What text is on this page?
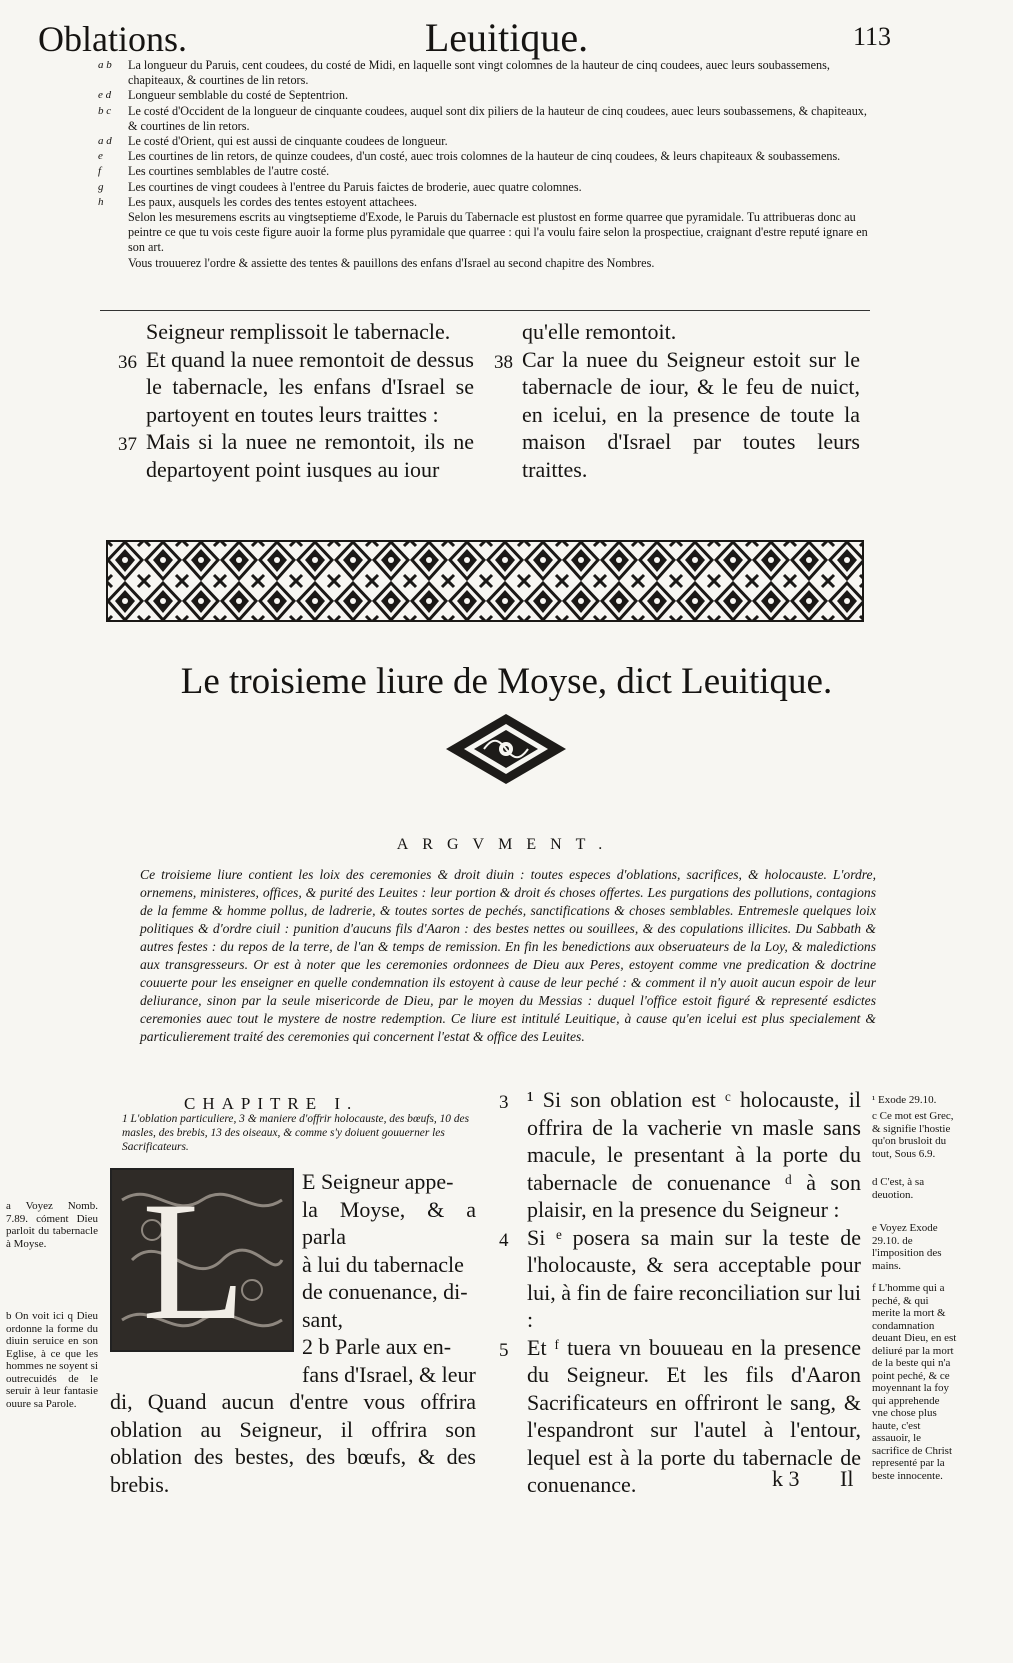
Oblations.	Leuitique.	113
a b	La longueur du Paruis, cent coudees, du costé de Midi, en laquelle sont vingt colomnes de la hauteur de cinq coudees, auec leurs soubassemens, chapiteaux, & courtines de lin retors.
e d	Longueur semblable du costé de Septentrion.
b c	Le costé d'Occident de la longueur de cinquante coudees, auquel sont dix piliers de la hauteur de cinq coudees, auec leurs soubassemens, & chapiteaux, & courtines de lin retors.
a d	Le costé d'Orient, qui est aussi de cinquante coudees de longueur.
e	Les courtines de lin retors, de quinze coudees, d'un costé, auec trois colomnes de la hauteur de cinq coudees, & leurs chapiteaux & soubassemens.
f	Les courtines semblables de l'autre costé.
g	Les courtines de vingt coudees à l'entree du Paruis faictes de broderie, auec quatre colomnes.
h	Les paux, ausquels les cordes des tentes estoyent attachees.
Selon les mesuremens escrits au vingtseptieme d'Exode, le Paruis du Tabernacle est plustost en forme quarree que pyramidale. Tu attribueras donc au peintre ce que tu vois ceste figure auoir la forme plus pyramidale que quarree : qui l'a voulu faire selon la prospectiue, craignant d'estre reputé ignare en son art.
Vous trouuerez l'ordre & assiette des tentes & pauillons des enfans d'Israel au second chapitre des Nombres.
Seigneur remplissoit le tabernacle.
36 Et quand la nuee remontoit de dessus le tabernacle, les enfans d'Israel se partoyent en toutes leurs traittes :
37 Mais si la nuee ne remontoit, ils ne departoyent point iusques au iour
qu'elle remontoit.
38 Car la nuee du Seigneur estoit sur le tabernacle de iour, & le feu de nuict, en icelui, en la presence de toute la maison d'Israel par toutes leurs traittes.
Le troisieme liure de Moyse, dict Leuitique.
ARGVMENT.
Ce troisieme liure contient les loix des ceremonies & droit diuin : toutes especes d'oblations, sacrifices, & holocauste. L'ordre, ornemens, ministeres, offices, & purité des Leuites : leur portion & droit és choses offertes. Les purgations des pollutions, contagions de la femme & homme pollus, de ladrerie, & toutes sortes de pechés, sanctifications & choses semblables. Entremesle quelques loix politiques & d'ordre ciuil : punition d'aucuns fils d'Aaron : des bestes nettes ou souillees, & des copulations illicites. Du Sabbath & autres festes : du repos de la terre, de l'an & temps de remission. En fin les benedictions aux obseruateurs de la Loy, & maledictions aux transgresseurs. Or est à noter que les ceremonies ordonnees de Dieu aux Peres, estoyent comme vne predication & doctrine couuerte pour les enseigner en quelle condemnation ils estoyent à cause de leur peché : & comment il n'y auoit aucun espoir de leur deliurance, sinon par la seule misericorde de Dieu, par le moyen du Messias : duquel l'office estoit figuré & representé esdictes ceremonies auec tout le mystere de nostre redemption. Ce liure est intitulé Leuitique, à cause qu'en icelui est plus specialement & particulierement traité des ceremonies qui concernent l'estat & office des Leuites.
CHAPITRE I.
1 L'oblation particuliere, 3 & maniere d'offrir holocauste, des bœufs, 10 des masles, des brebis, 13 des oiseaux, & comme s'y doiuent gouuerner les Sacrificateurs.
L	E Seigneur appe-
la Moyse, & a parla
à lui du tabernacle
de conuenance, di-
sant,
2 b Parle aux en-
fans d'Israel, & leur
di, Quand aucun d'entre vous offrira oblation au Seigneur, il offrira son oblation des bestes, des bœufs, & des brebis.
3 ¹ Si son oblation est ᶜ holocauste, il offrira de la vacherie vn masle sans macule, le presentant à la porte du tabernacle de conuenance ᵈ à son plaisir, en la presence du Seigneur :
4 Si ᵉ posera sa main sur la teste de l'holocauste, & sera acceptable pour lui, à fin de faire reconciliation sur lui :
5 Et ᶠ tuera vn bouueau en la presence du Seigneur. Et les fils d'Aaron Sacrificateurs en offriront le sang, & l'espandront sur l'autel à l'entour, lequel est à la porte du tabernacle de conuenance.
a Voyez Nomb. 7.89. cóment Dieu parloit du tabernacle à Moyse.
b On voit ici q Dieu ordonne la forme du diuin seruice en son Eglise, à ce que les hommes ne soyent si outrecuidés de le seruir à leur fantasie ouure sa Parole.
¹ Exode 29.10.
c Ce mot est Grec, & signifie l'hostie qu'on brusloit du tout, Sous 6.9.
d C'est, à sa deuotion.
e Voyez Exode 29.10. de l'imposition des mains.
f L'homme qui a peché, & qui merite la mort & condamnation deuant Dieu, en est deliuré par la mort de la beste qui n'a point peché, & ce moyennant la foy qui apprehende vne chose plus haute, c'est assauoir, le sacrifice de Christ representé par la beste innocente.
k 3 Il
